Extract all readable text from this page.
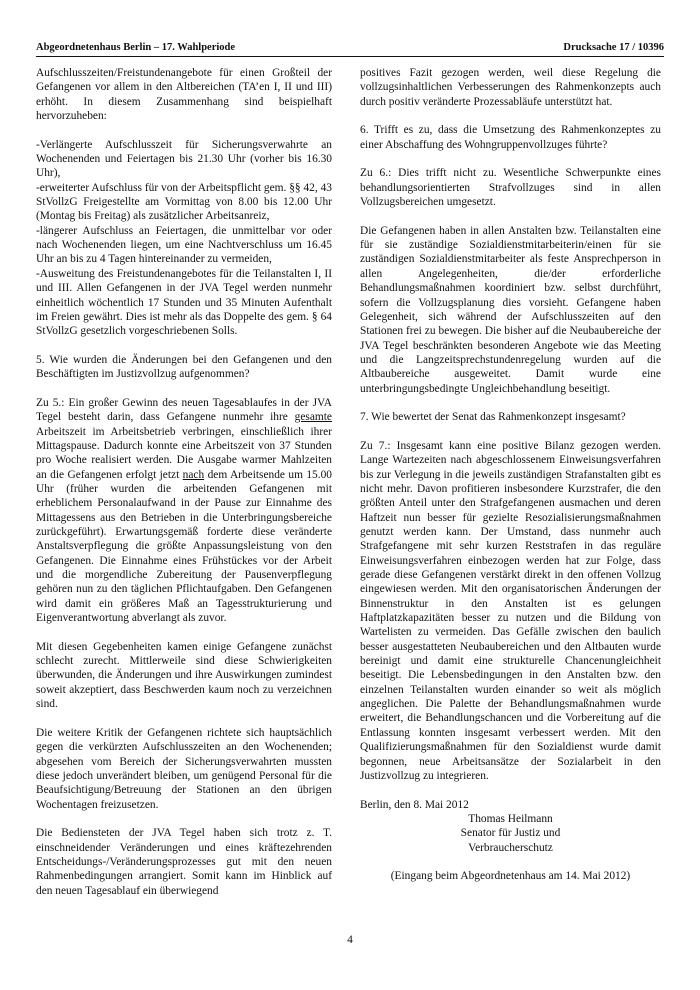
Abgeordnetenhaus Berlin – 17. Wahlperiode	Drucksache 17 / 10396

Aufschlusszeiten/Freistundenangebote für einen Großteil der Gefangenen vor allem in den Altbereichen (TA’en I, II und III) erhöht. In diesem Zusammenhang sind beispielhaft hervorzuheben:

-Verlängerte Aufschlusszeit für Sicherungsverwahrte an Wochenenden und Feiertagen bis 21.30 Uhr (vorher bis 16.30 Uhr),

-erweiterter Aufschluss für von der Arbeitspflicht gem. §§ 42, 43 StVollzG Freigestellte am Vormittag von 8.00 bis 12.00 Uhr (Montag bis Freitag) als zusätzlicher Arbeitsanreiz,

-längerer Aufschluss an Feiertagen, die unmittelbar vor oder nach Wochenenden liegen, um eine Nachtverschluss um 16.45 Uhr an bis zu 4 Tagen hintereinander zu vermeiden,

-Ausweitung des Freistundenangebotes für die Teilanstalten I, II und III. Allen Gefangenen in der JVA Tegel werden nunmehr einheitlich wöchentlich 17 Stunden und 35 Minuten Aufenthalt im Freien gewährt. Dies ist mehr als das Doppelte des gem. § 64 StVollzG gesetzlich vorgeschriebenen Solls.

5. Wie wurden die Änderungen bei den Gefangenen und den Beschäftigten im Justizvollzug aufgenommen?

Zu 5.: Ein großer Gewinn des neuen Tagesablaufes in der JVA Tegel besteht darin, dass Gefangene nunmehr ihre gesamte Arbeitszeit im Arbeitsbetrieb verbringen, einschließlich ihrer Mittagspause. Dadurch konnte eine Arbeitszeit von 37 Stunden pro Woche realisiert werden. Die Ausgabe warmer Mahlzeiten an die Gefangenen erfolgt jetzt nach dem Arbeitsende um 15.00 Uhr (früher wurden die arbeitenden Gefangenen mit erheblichem Personalaufwand in der Pause zur Einnahme des Mittagessens aus den Betrieben in die Unterbringungsbereiche zurückgeführt). Erwartungsgemäß forderte diese veränderte Anstaltsverpflegung die größte Anpassungsleistung von den Gefangenen. Die Einnahme eines Frühstückes vor der Arbeit und die morgendliche Zubereitung der Pausenverpflegung gehören nun zu den täglichen Pflichtaufgaben. Den Gefangenen wird damit ein größeres Maß an Tagesstrukturierung und Eigenverantwortung abverlangt als zuvor.

Mit diesen Gegebenheiten kamen einige Gefangene zunächst schlecht zurecht. Mittlerweile sind diese Schwierigkeiten überwunden, die Änderungen und ihre Auswirkungen zumindest soweit akzeptiert, dass Beschwerden kaum noch zu verzeichnen sind.

Die weitere Kritik der Gefangenen richtete sich hauptsächlich gegen die verkürzten Aufschlusszeiten an den Wochenenden; abgesehen vom Bereich der Sicherungsverwahrten mussten diese jedoch unverändert bleiben, um genügend Personal für die Beaufsichtigung/Betreuung der Stationen an den übrigen Wochentagen freizusetzen.

Die Bediensteten der JVA Tegel haben sich trotz z. T. einschneidender Veränderungen und eines kräftezehrenden Entscheidungs-/Veränderungsprozesses gut mit den neuen Rahmenbedingungen arrangiert. Somit kann im Hinblick auf den neuen Tagesablauf ein überwiegend

positives Fazit gezogen werden, weil diese Regelung die vollzugsinhaltlichen Verbesserungen des Rahmenkonzepts auch durch positiv veränderte Prozessabläufe unterstützt hat.

6. Trifft es zu, dass die Umsetzung des Rahmenkonzeptes zu einer Abschaffung des Wohngruppenvollzuges führte?

Zu 6.: Dies trifft nicht zu. Wesentliche Schwerpunkte eines behandlungsorientierten Strafvollzuges sind in allen Vollzugsbereichen umgesetzt.

Die Gefangenen haben in allen Anstalten bzw. Teilanstalten eine für sie zuständige Sozialdienstmitarbeiterin/einen für sie zuständigen Sozialdienstmitarbeiter als feste Ansprechperson in allen Angelegenheiten, die/der erforderliche Behandlungsmaßnahmen koordiniert bzw. selbst durchführt, sofern die Vollzugsplanung dies vorsieht. Gefangene haben Gelegenheit, sich während der Aufschlusszeiten auf den Stationen frei zu bewegen. Die bisher auf die Neubaubereiche der JVA Tegel beschränkten besonderen Angebote wie das Meeting und die Langzeitsprechstundenregelung wurden auf die Altbaubereiche ausgeweitet. Damit wurde eine unterbringungsbedingte Ungleichbehandlung beseitigt.

7. Wie bewertet der Senat das Rahmenkonzept insgesamt?

Zu 7.: Insgesamt kann eine positive Bilanz gezogen werden. Lange Wartezeiten nach abgeschlossenem Einweisungsverfahren bis zur Verlegung in die jeweils zuständigen Strafanstalten gibt es nicht mehr. Davon profitieren insbesondere Kurzstrafer, die den größten Anteil unter den Strafgefangenen ausmachen und deren Haftzeit nun besser für gezielte Resozialisierungsmaßnahmen genutzt werden kann. Der Umstand, dass nunmehr auch Strafgefangene mit sehr kurzen Reststrafen in das reguläre Einweisungsverfahren einbezogen werden hat zur Folge, dass gerade diese Gefangenen verstärkt direkt in den offenen Vollzug eingewiesen werden. Mit den organisatorischen Änderungen der Binnenstruktur in den Anstalten ist es gelungen Haftplatzkapazitäten besser zu nutzen und die Bildung von Wartelisten zu vermeiden. Das Gefälle zwischen den baulich besser ausgestatteten Neubaubereichen und den Altbauten wurde bereinigt und damit eine strukturelle Chancenungleichheit beseitigt. Die Lebensbedingungen in den Anstalten bzw. den einzelnen Teilanstalten wurden einander so weit als möglich angeglichen. Die Palette der Behandlungsmaßnahmen wurde erweitert, die Behandlungschancen und die Vorbereitung auf die Entlassung konnten insgesamt verbessert werden. Mit den Qualifizierungsmaßnahmen für den Sozialdienst wurde damit begonnen, neue Arbeitsansätze der Sozialarbeit in den Justizvollzug zu integrieren.

Berlin, den 8. Mai 2012

Thomas Heilmann

Senator für Justiz und

Verbraucherschutz

(Eingang beim Abgeordnetenhaus am 14. Mai 2012)

4
